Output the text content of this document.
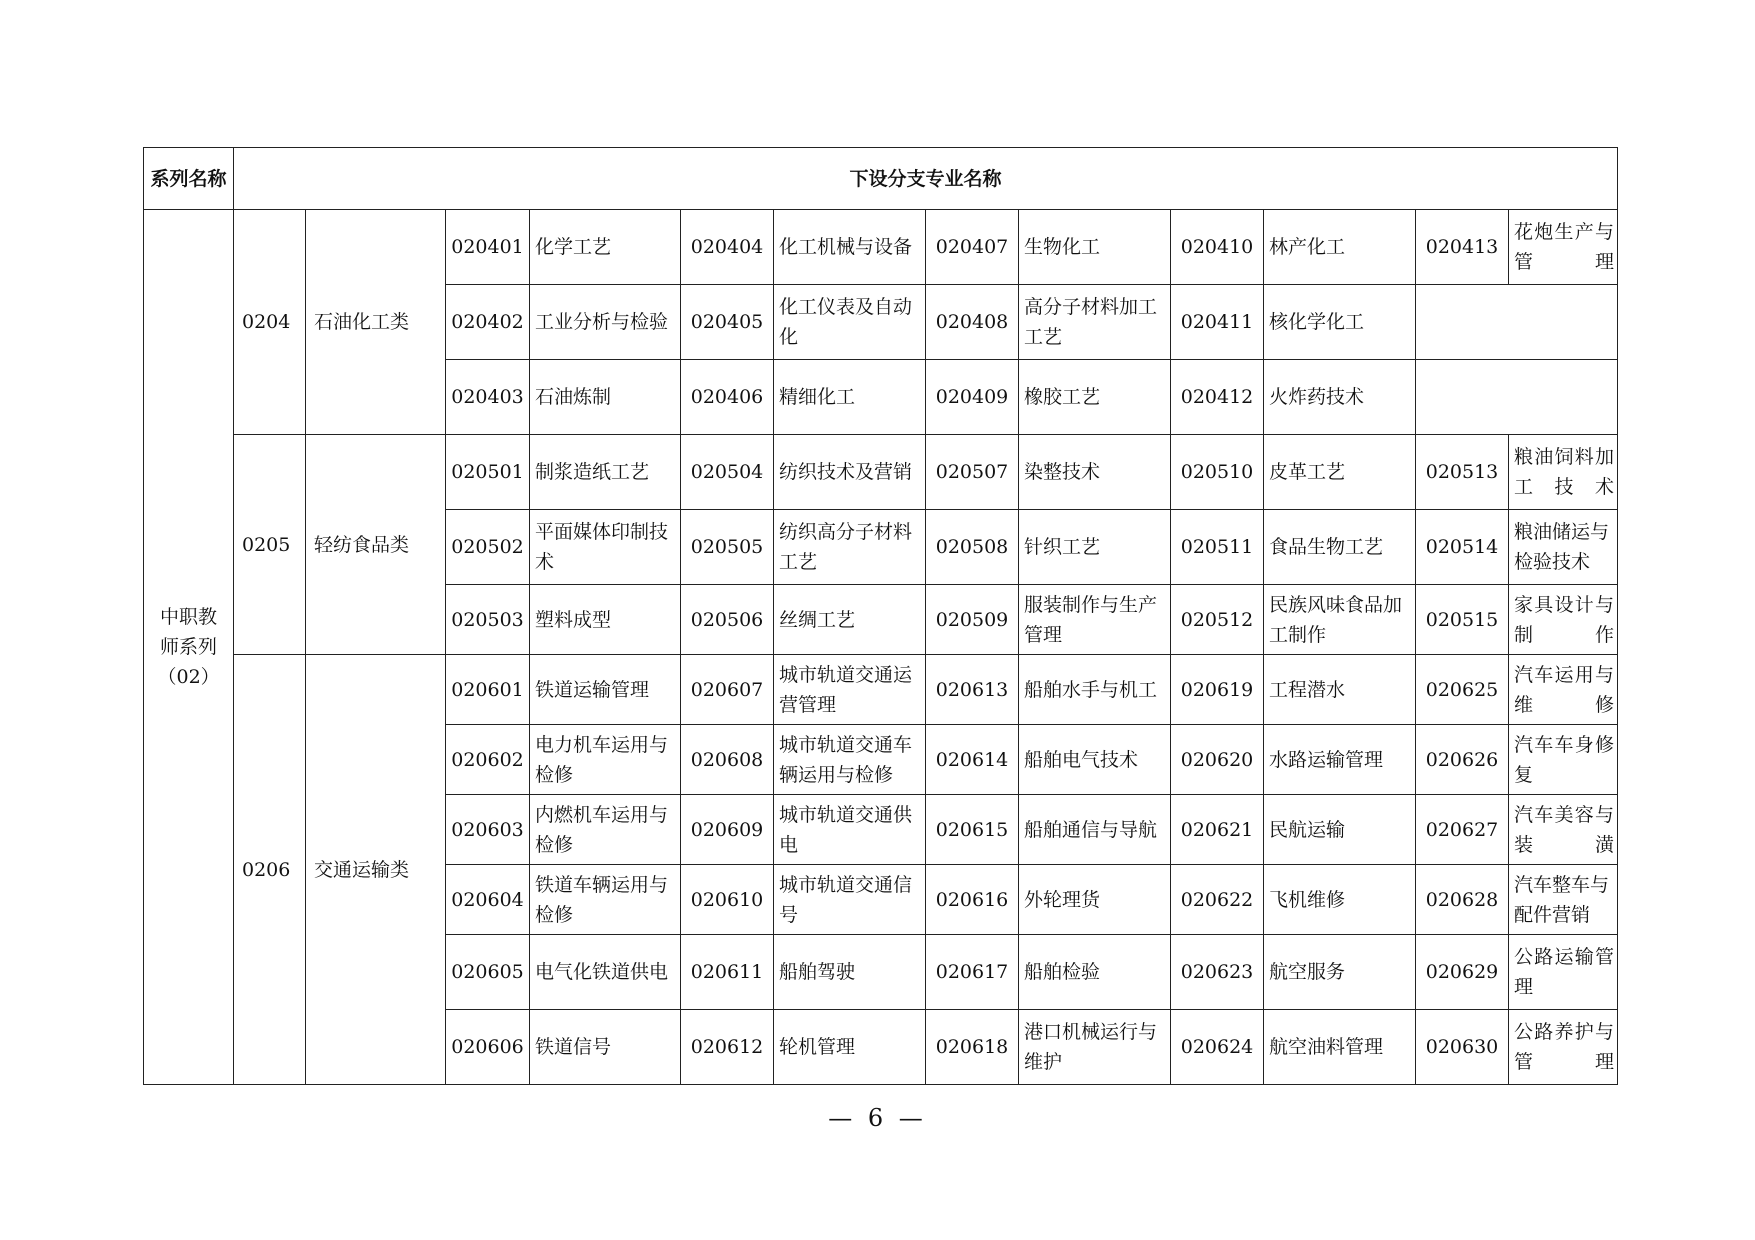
系列名称	下设分支专业名称											

中职教师系列（02）	0204	石油化工类	020401	化学工艺	020404	化工机械与设备	020407	生物化工	020410	林产化工	020413	花炮生产与管理
			020402	工业分析与检验	020405	化工仪表及自动化	020408	高分子材料加工工艺	020411	核化学化工		
			020403	石油炼制	020406	精细化工	020409	橡胶工艺	020412	火炸药技术		
	0205	轻纺食品类	020501	制浆造纸工艺	020504	纺织技术及营销	020507	染整技术	020510	皮革工艺	020513	粮油饲料加工技术
			020502	平面媒体印制技术	020505	纺织高分子材料工艺	020508	针织工艺	020511	食品生物工艺	020514	粮油储运与检验技术
			020503	塑料成型	020506	丝绸工艺	020509	服装制作与生产管理	020512	民族风味食品加工制作	020515	家具设计与制作
	0206	交通运输类	020601	铁道运输管理	020607	城市轨道交通运营管理	020613	船舶水手与机工	020619	工程潜水	020625	汽车运用与维修
			020602	电力机车运用与检修	020608	城市轨道交通车辆运用与检修	020614	船舶电气技术	020620	水路运输管理	020626	汽车车身修复
			020603	内燃机车运用与检修	020609	城市轨道交通供电	020615	船舶通信与导航	020621	民航运输	020627	汽车美容与装潢
			020604	铁道车辆运用与检修	020610	城市轨道交通信号	020616	外轮理货	020622	飞机维修	020628	汽车整车与配件营销
			020605	电气化铁道供电	020611	船舶驾驶	020617	船舶检验	020623	航空服务	020629	公路运输管理
			020606	铁道信号	020612	轮机管理	020618	港口机械运行与维护	020624	航空油料管理	020630	公路养护与管理
— 6 —
